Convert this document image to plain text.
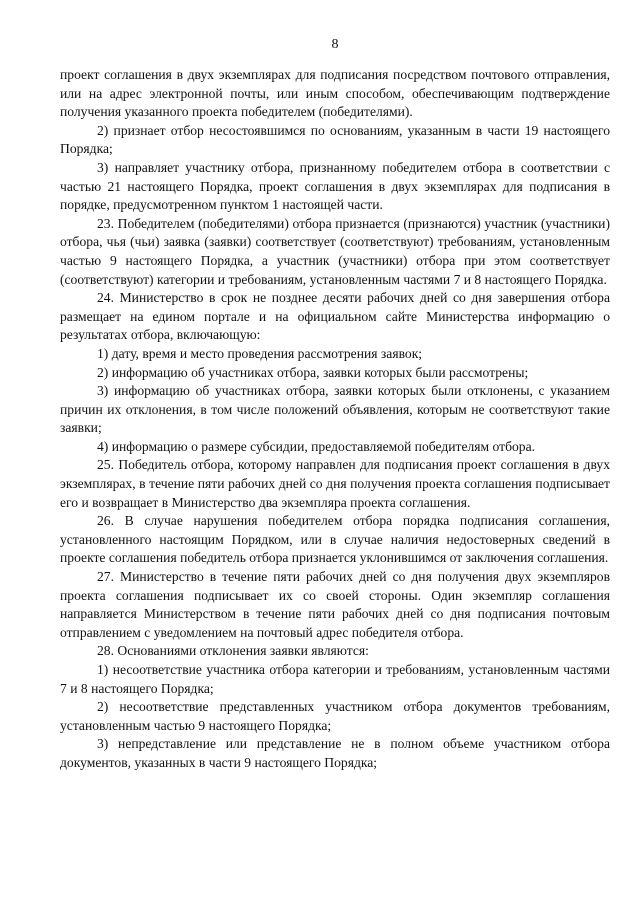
8

проект соглашения в двух экземплярах для подписания посредством почтового отправления, или на адрес электронной почты, или иным способом, обеспечивающим подтверждение получения указанного проекта победителем (победителями).

2) признает отбор несостоявшимся по основаниям, указанным в части 19 настоящего Порядка;

3) направляет участнику отбора, признанному победителем отбора в соответствии с частью 21 настоящего Порядка, проект соглашения в двух экземплярах для подписания в порядке, предусмотренном пунктом 1 настоящей части.

23. Победителем (победителями) отбора признается (признаются) участник (участники) отбора, чья (чьи) заявка (заявки) соответствует (соответствуют) требованиям, установленным частью 9 настоящего Порядка, а участник (участники) отбора при этом соответствует (соответствуют) категории и требованиям, установленным частями 7 и 8 настоящего Порядка.

24. Министерство в срок не позднее десяти рабочих дней со дня завершения отбора размещает на едином портале и на официальном сайте Министерства информацию о результатах отбора, включающую:

1) дату, время и место проведения рассмотрения заявок;

2) информацию об участниках отбора, заявки которых были рассмотрены;

3) информацию об участниках отбора, заявки которых были отклонены, с указанием причин их отклонения, в том числе положений объявления, которым не соответствуют такие заявки;

4) информацию о размере субсидии, предоставляемой победителям отбора.

25. Победитель отбора, которому направлен для подписания проект соглашения в двух экземплярах, в течение пяти рабочих дней со дня получения проекта соглашения подписывает его и возвращает в Министерство два экземпляра проекта соглашения.

26. В случае нарушения победителем отбора порядка подписания соглашения, установленного настоящим Порядком, или в случае наличия недостоверных сведений в проекте соглашения победитель отбора признается уклонившимся от заключения соглашения.

27. Министерство в течение пяти рабочих дней со дня получения двух экземпляров проекта соглашения подписывает их со своей стороны. Один экземпляр соглашения направляется Министерством в течение пяти рабочих дней со дня подписания почтовым отправлением с уведомлением на почтовый адрес победителя отбора.

28. Основаниями отклонения заявки являются:

1) несоответствие участника отбора категории и требованиям, установленным частями 7 и 8 настоящего Порядка;

2) несоответствие представленных участником отбора документов требованиям, установленным частью 9 настоящего Порядка;

3) непредставление или представление не в полном объеме участником отбора документов, указанных в части 9 настоящего Порядка;
